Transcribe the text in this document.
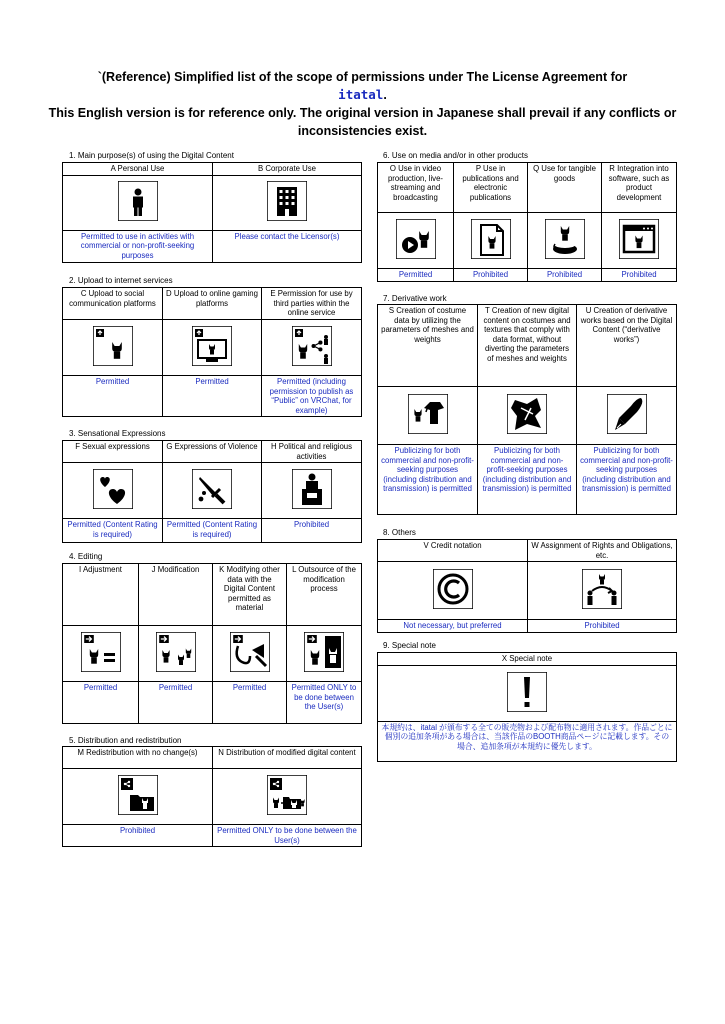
`(Reference) Simplified list of the scope of permissions under The License Agreement for
itatal.
This English version is for reference only. The original version in Japanese shall prevail if any conflicts or inconsistencies exist.
1. Main purpose(s) of using the Digital Content
A Personal Use	B Corporate Use

Permitted to use in activities with commercial or non-profit-seeking purposes	Please contact the Licensor(s)
2. Upload to internet services
C Upload to social communication platforms	D Upload to online gaming platforms	E Permission for use by third parties within the online service

Permitted	Permitted	Permitted (including permission to publish as “Public” on VRChat, for example)
3. Sensational Expressions
F Sexual expressions	G Expressions of Violence	H Political and religious activities

Permitted (Content Rating is required)	Permitted (Content Rating is required)	Prohibited
4. Editing
I Adjustment	J Modification	K Modifying other data with the Digital Content permitted as material	L Outsource of the modification process

Permitted	Permitted	Permitted	Permitted ONLY to be done between the User(s)
5. Distribution and redistribution
M Redistribution with no change(s)	N Distribution of modified digital content

Prohibited	Permitted ONLY to be done between the User(s)
6. Use on media and/or in other products
O Use in video production, live-streaming and broadcasting	P Use in publications and electronic publications	Q Use for tangible goods	R Integration into software, such as product development

Permitted	Prohibited	Prohibited	Prohibited
7. Derivative work
S Creation of costume data by utilizing the parameters of meshes and weights	T Creation of new digital content on costumes and textures that comply with data format, without diverting the parameters of meshes and weights	U Creation of derivative works based on the Digital Content (“derivative works”)

Publicizing for both commercial and non-profit-seeking purposes (including distribution and transmission) is permitted	Publicizing for both commercial and non-profit-seeking purposes (including distribution and transmission) is permitted	Publicizing for both commercial and non-profit-seeking purposes (including distribution and transmission) is permitted
8. Others
V Credit notation	W Assignment of Rights and Obligations, etc.

Not necessary, but preferred	Prohibited
9. Special note
X Special note

本規約は、itatal が頒布する全ての販売物および配布物に適用されます。作品ごとに個別の追加条項がある場合は、当該作品のBOOTH商品ページに記載します。その場合、追加条項が本規約に優先します。
